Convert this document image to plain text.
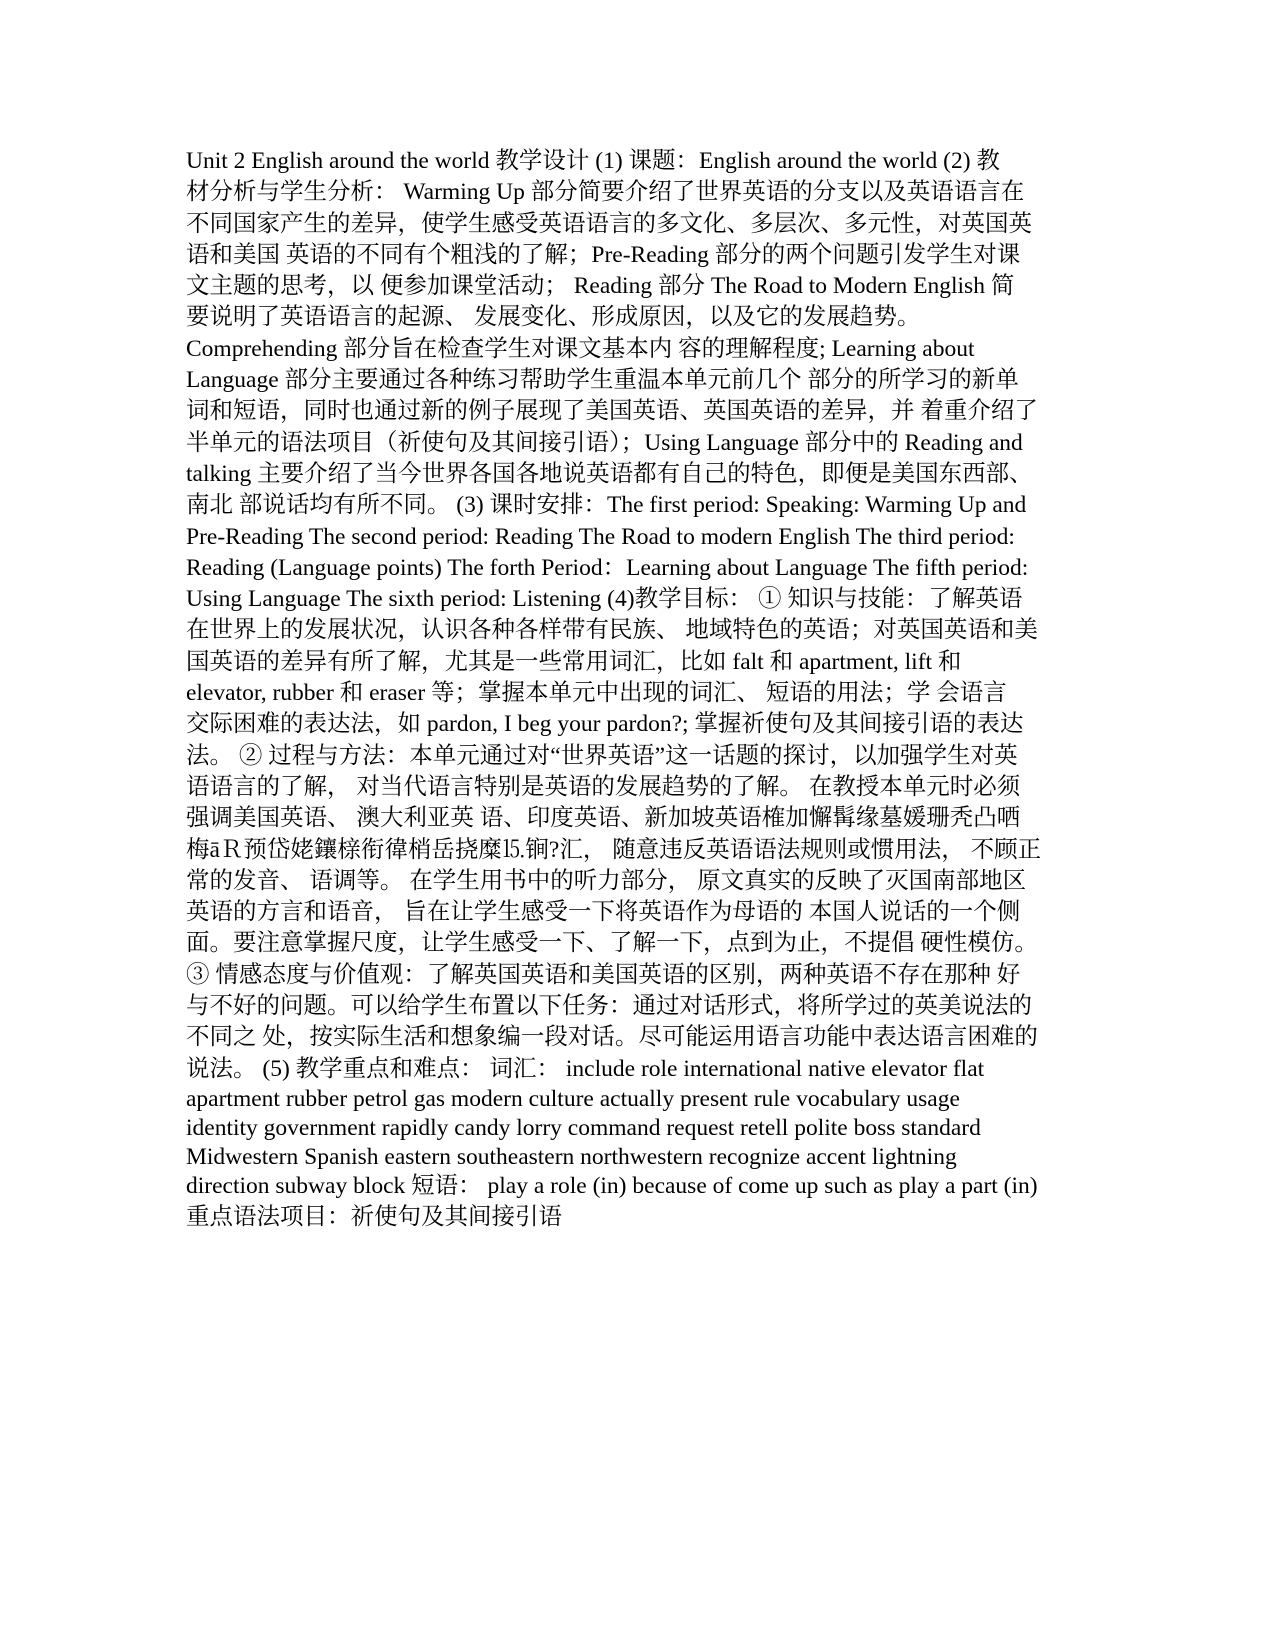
Unit 2 English around the world 教学设计 (1) 课题：English around the world (2) 教
材分析与学生分析： Warming Up 部分简要介绍了世界英语的分支以及英语语言在
不同国家产生的差异，使学生感受英语语言的多文化、多层次、多元性，对英国英
语和美国 英语的不同有个粗浅的了解；Pre-Reading 部分的两个问题引发学生对课
文主题的思考，以 便参加课堂活动； Reading 部分 The Road to Modern English 简
要说明了英语语言的起源、 发展变化、形成原因，以及它的发展趋势。
Comprehending 部分旨在检查学生对课文基本内 容的理解程度; Learning about
Language 部分主要通过各种练习帮助学生重温本单元前几个 部分的所学习的新单
词和短语，同时也通过新的例子展现了美国英语、英国英语的差异，并 着重介绍了
半单元的语法项目（祈使句及其间接引语）；Using Language 部分中的 Reading and
talking 主要介绍了当今世界各国各地说英语都有自己的特色，即便是美国东西部、
南北 部说话均有所不同。 (3) 课时安排：The first period: Speaking: Warming Up and
Pre-Reading The second period: Reading The Road to modern English The third period:
Reading (Language points) The forth Period：Learning about Language The fifth period:
Using Language The sixth period: Listening (4)教学目标： ① 知识与技能：了解英语
在世界上的发展状况，认识各种各样带有民族、 地域特色的英语；对英国英语和美
国英语的差异有所了解，尤其是一些常用词汇，比如 falt 和 apartment, lift 和
elevator, rubber 和 eraser 等；掌握本单元中出现的词汇、 短语的用法；学 会语言
交际困难的表达法，如 pardon, I beg your pardon?; 掌握祈使句及其间接引语的表达
法。 ② 过程与方法：本单元通过对“世界英语”这一话题的探讨，以加强学生对英
语语言的了解， 对当代语言特别是英语的发展趋势的了解。 在教授本单元时必须
强调美国英语、 澳大利亚英 语、印度英语、新加坡英语榷加懈髯缘墓媛珊秃凸哂
梅āＲ预岱姥鑲榇衔徫梢岳挠糜⒖锏?汇， 随意违反英语语法规则或惯用法， 不顾正
常的发音、 语调等。 在学生用书中的听力部分， 原文真实的反映了灭国南部地区
英语的方言和语音， 旨在让学生感受一下将英语作为母语的 本国人说话的一个侧
面。要注意掌握尺度，让学生感受一下、了解一下，点到为止，不提倡 硬性模仿。
③ 情感态度与价值观：了解英国英语和美国英语的区别，两种英语不存在那种 好
与不好的问题。可以给学生布置以下任务：通过对话形式，将所学过的英美说法的
不同之 处，按实际生活和想象编一段对话。尽可能运用语言功能中表达语言困难的
说法。 (5) 教学重点和难点： 词汇： include role international native elevator flat
apartment rubber petrol gas modern culture actually present rule vocabulary usage
identity government rapidly candy lorry command request retell polite boss standard
Midwestern Spanish eastern southeastern northwestern recognize accent lightning
direction subway block 短语： play a role (in) because of come up such as play a part (in)
重点语法项目：祈使句及其间接引语
